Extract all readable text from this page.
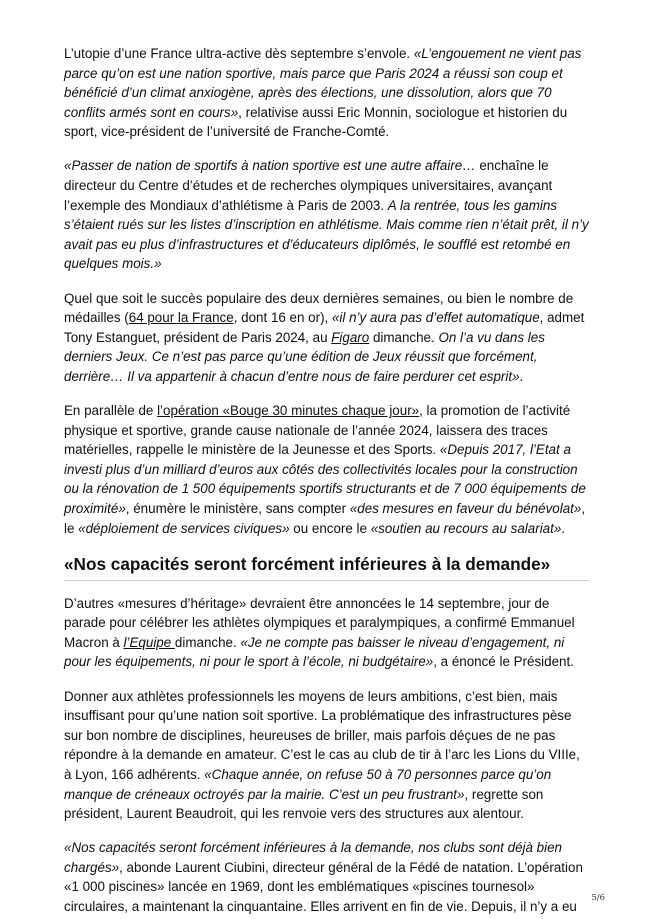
L’utopie d’une France ultra-active dès septembre s’envole. «L’engouement ne vient pas parce qu’on est une nation sportive, mais parce que Paris 2024 a réussi son coup et bénéficié d’un climat anxiogène, après des élections, une dissolution, alors que 70 conflits armés sont en cours», relativise aussi Eric Monnin, sociologue et historien du sport, vice-président de l’université de Franche-Comté.

«Passer de nation de sportifs à nation sportive est une autre affaire… enchaîne le directeur du Centre d’études et de recherches olympiques universitaires, avançant l’exemple des Mondiaux d’athlétisme à Paris de 2003. A la rentrée, tous les gamins s’étaient rués sur les listes d’inscription en athlétisme. Mais comme rien n’était prêt, il n’y avait pas eu plus d’infrastructures et d’éducateurs diplômés, le soufflé est retombé en quelques mois.»

Quel que soit le succès populaire des deux dernières semaines, ou bien le nombre de médailles (64 pour la France, dont 16 en or), «il n’y aura pas d’effet automatique, admet Tony Estanguet, président de Paris 2024, au Figaro dimanche. On l’a vu dans les derniers Jeux. Ce n’est pas parce qu’une édition de Jeux réussit que forcément, derrière… Il va appartenir à chacun d’entre nous de faire perdurer cet esprit».

En parallèle de l’opération «Bouge 30 minutes chaque jour», la promotion de l’activité physique et sportive, grande cause nationale de l’année 2024, laissera des traces matérielles, rappelle le ministère de la Jeunesse et des Sports. «Depuis 2017, l’Etat a investi plus d’un milliard d’euros aux côtés des collectivités locales pour la construction ou la rénovation de 1 500 équipements sportifs structurants et de 7 000 équipements de proximité», énumère le ministère, sans compter «des mesures en faveur du bénévolat», le «déploiement de services civiques» ou encore le «soutien au recours au salariat».

«Nos capacités seront forcément inférieures à la demande»

D’autres «mesures d’héritage» devraient être annoncées le 14 septembre, jour de parade pour célébrer les athlètes olympiques et paralympiques, a confirmé Emmanuel Macron à l’Equipe dimanche. «Je ne compte pas baisser le niveau d’engagement, ni pour les équipements, ni pour le sport à l’école, ni budgétaire», a énoncé le Président.

Donner aux athlètes professionnels les moyens de leurs ambitions, c’est bien, mais insuffisant pour qu’une nation soit sportive. La problématique des infrastructures pèse sur bon nombre de disciplines, heureuses de briller, mais parfois déçues de ne pas répondre à la demande en amateur. C’est le cas au club de tir à l’arc les Lions du VIIIe, à Lyon, 166 adhérents. «Chaque année, on refuse 50 à 70 personnes parce qu’on manque de créneaux octroyés par la mairie. C’est un peu frustrant», regrette son président, Laurent Beaudroit, qui les renvoie vers des structures aux alentour.

«Nos capacités seront forcément inférieures à la demande, nos clubs sont déjà bien chargés», abonde Laurent Ciubini, directeur général de la Fédé de natation. L’opération «1 000 piscines» lancée en 1969, dont les emblématiques «piscines tournesol» circulaires, a maintenant la cinquantaine. Elles arrivent en fin de vie. Depuis, il n’y a eu

5/6
